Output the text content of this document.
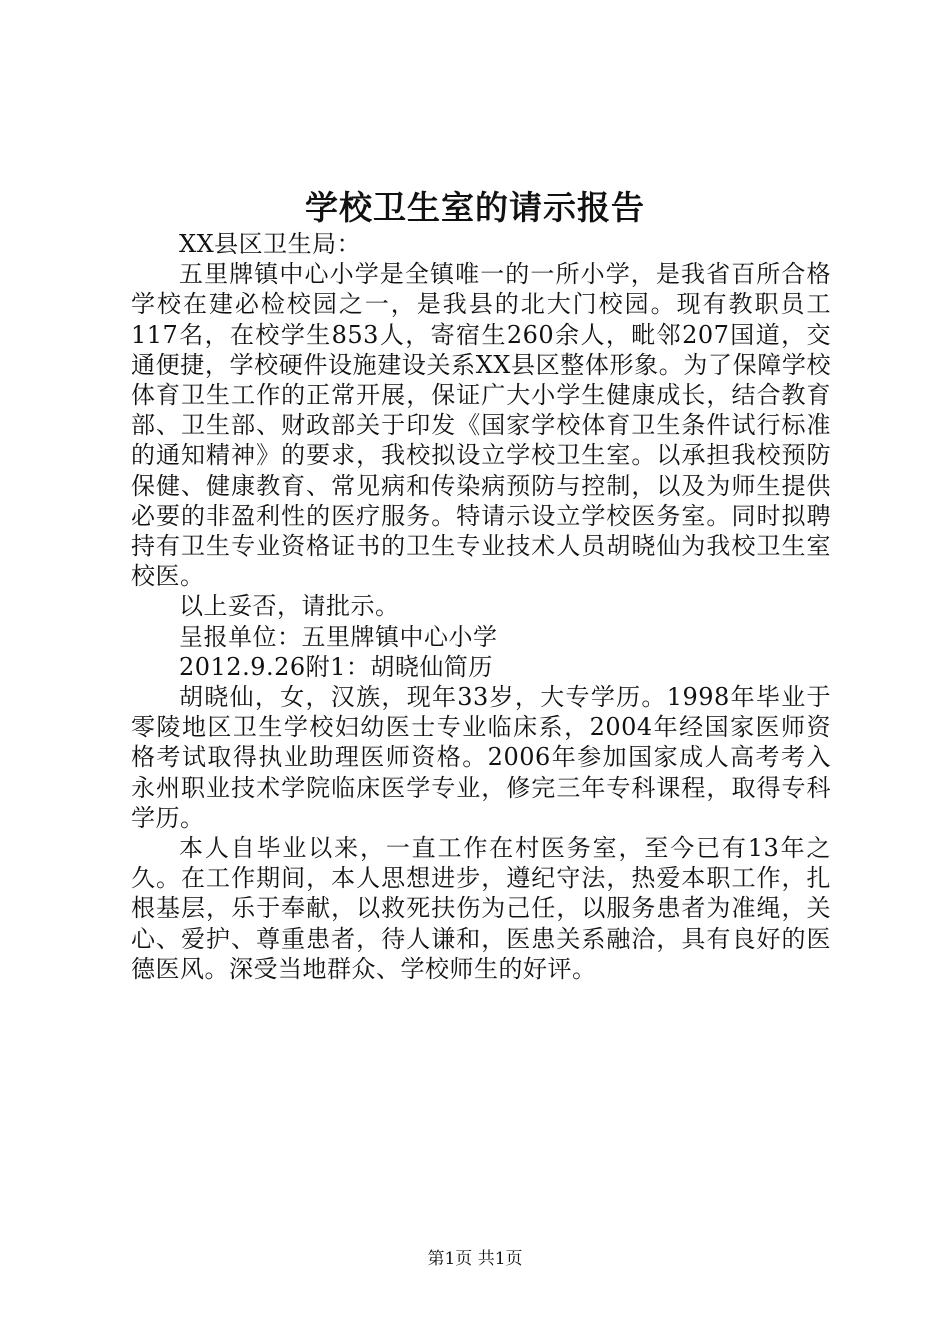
学校卫生室的请示报告

XX县区卫生局：

五里牌镇中心小学是全镇唯一的一所小学，是我省百所合格学校在建必检校园之一，是我县的北大门校园。现有教职员工117名，在校学生853人，寄宿生260余人，毗邻207国道，交通便捷，学校硬件设施建设关系XX县区整体形象。为了保障学校体育卫生工作的正常开展，保证广大小学生健康成长，结合教育部、卫生部、财政部关于印发《国家学校体育卫生条件试行标准的通知精神》的要求，我校拟设立学校卫生室。以承担我校预防保健、健康教育、常见病和传染病预防与控制，以及为师生提供必要的非盈利性的医疗服务。特请示设立学校医务室。同时拟聘持有卫生专业资格证书的卫生专业技术人员胡晓仙为我校卫生室校医。

以上妥否，请批示。

呈报单位：五里牌镇中心小学

2012.9.26附1：胡晓仙简历

胡晓仙，女，汉族，现年33岁，大专学历。1998年毕业于零陵地区卫生学校妇幼医士专业临床系，2004年经国家医师资格考试取得执业助理医师资格。2006年参加国家成人高考考入永州职业技术学院临床医学专业，修完三年专科课程，取得专科学历。

本人自毕业以来，一直工作在村医务室，至今已有13年之久。在工作期间，本人思想进步，遵纪守法，热爱本职工作，扎根基层，乐于奉献，以救死扶伤为己任，以服务患者为准绳，关心、爱护、尊重患者，待人谦和，医患关系融洽，具有良好的医德医风。深受当地群众、学校师生的好评。

第1页 共1页
